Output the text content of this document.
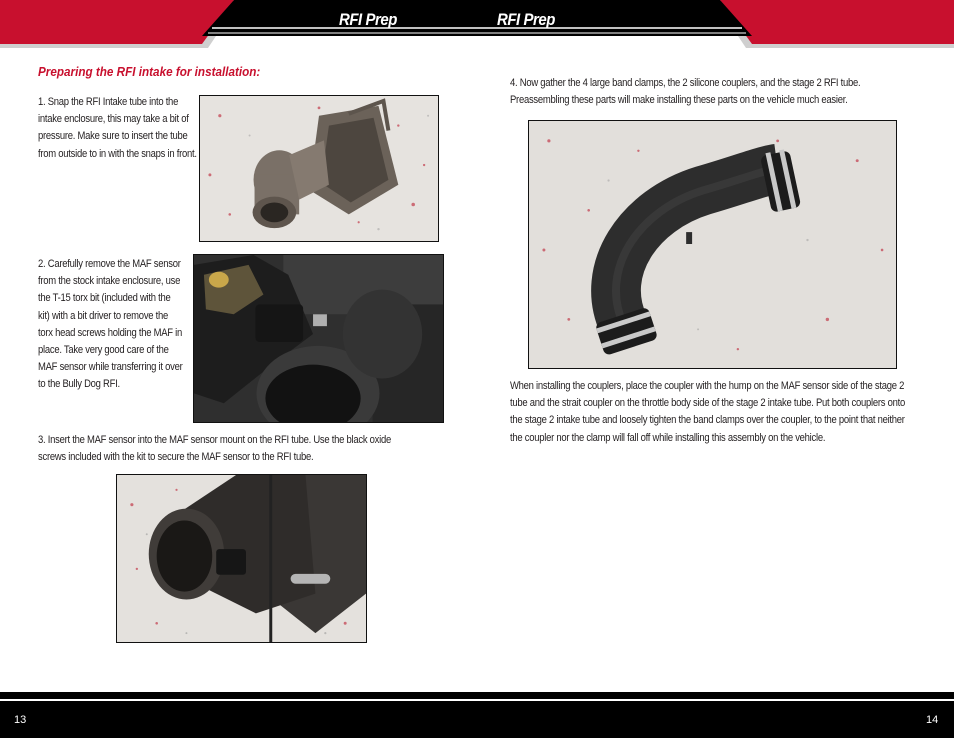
RFI Prep	RFI Prep
Preparing the RFI intake for installation:
1. Snap the RFI Intake tube into the intake enclosure, this may take a bit of pressure. Make sure to insert the tube from outside to in with the snaps in front.
2. Carefully remove the MAF sensor from the stock intake enclosure, use the T-15 torx bit (included with the kit) with a bit driver to remove the torx head screws holding the MAF in place. Take very good care of the MAF sensor while transferring it over to the Bully Dog RFI.
3. Insert the MAF sensor into the MAF sensor mount on the RFI tube. Use the black oxide screws included with the kit to secure the MAF sensor to the RFI tube.
4. Now gather the 4 large band clamps, the 2 silicone couplers, and the stage 2 RFI tube. Preassembling these parts will make installing these parts on the vehicle much easier.
When installing the couplers, place the coupler with the hump on the MAF sensor side of the stage 2 tube and the strait coupler on the throttle body side of the stage 2 intake tube. Put both couplers onto the stage 2 intake tube and loosely tighten the band clamps over the coupler, to the point that neither the coupler nor the clamp will fall off while installing this assembly on the vehicle.
13	14
